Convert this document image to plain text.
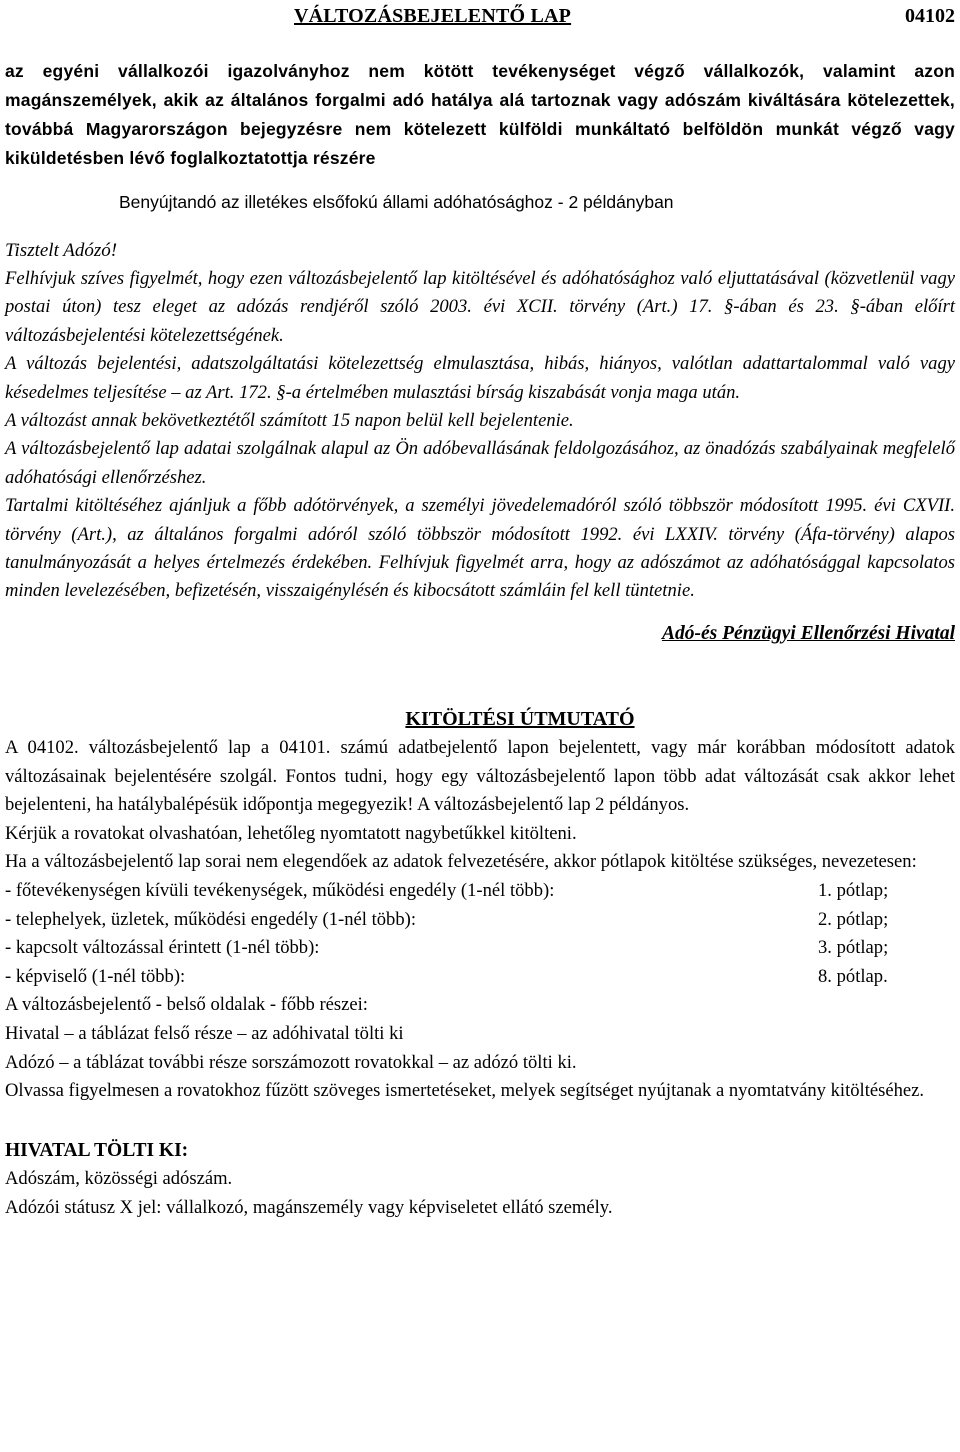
VÁLTOZÁSBEJELENTŐ LAP	04102
az egyéni vállalkozói igazolványhoz nem kötött tevékenységet végző vállalkozók, valamint azon magánszemélyek, akik az általános forgalmi adó hatálya alá tartoznak vagy adószám kiváltására kötelezettek, továbbá Magyarországon bejegyzésre nem kötelezett külföldi munkáltató belföldön munkát végző vagy kiküldetésben lévő foglalkoztatottja részére
Benyújtandó az illetékes elsőfokú állami adóhatósághoz - 2 példányban
Tisztelt Adózó!

Felhívjuk szíves figyelmét, hogy ezen változásbejelentő lap kitöltésével és adóhatósághoz való eljuttatásával (közvetlenül vagy postai úton) tesz eleget az adózás rendjéről szóló 2003. évi XCII. törvény (Art.) 17. §-ában és 23. §-ában előírt változásbejelentési kötelezettségének.

A változás bejelentési, adatszolgáltatási kötelezettség elmulasztása, hibás, hiányos, valótlan adattartalommal való vagy késedelmes teljesítése – az Art. 172. §-a értelmében mulasztási bírság kiszabását vonja maga után.

A változást annak bekövetkeztétől számított 15 napon belül kell bejelentenie.

A változásbejelentő lap adatai szolgálnak alapul az Ön adóbevallásának feldolgozásához, az önadózás szabályainak megfelelő adóhatósági ellenőrzéshez.

Tartalmi kitöltéséhez ajánljuk a főbb adótörvények, a személyi jövedelemadóról szóló többször módosított 1995. évi CXVII. törvény (Art.), az általános forgalmi adóról szóló többször módosított 1992. évi LXXIV. törvény (Áfa-törvény) alapos tanulmányozását a helyes értelmezés érdekében. Felhívjuk figyelmét arra, hogy az adószámot az adóhatósággal kapcsolatos minden levelezésében, befizetésén, visszaigénylésén és kibocsátott számláin fel kell tüntetnie.

Adó-és Pénzügyi Ellenőrzési Hivatal
KITÖLTÉSI ÚTMUTATÓ

A 04102. változásbejelentő lap a 04101. számú adatbejelentő lapon bejelentett, vagy már korábban módosított adatok változásainak bejelentésére szolgál. Fontos tudni, hogy egy változásbejelentő lapon több adat változását csak akkor lehet bejelenteni, ha hatálybalépésük időpontja megegyezik! A változásbejelentő lap 2 példányos.

Kérjük a rovatokat olvashatóan, lehetőleg nyomtatott nagybetűkkel kitölteni.

Ha a változásbejelentő lap sorai nem elegendőek az adatok felvezetésére, akkor pótlapok kitöltése szükséges, nevezetesen:

- főtevékenységen kívüli tevékenységek, működési engedély (1-nél több):	1. pótlap;
- telephelyek, üzletek, működési engedély (1-nél több):	2. pótlap;
- kapcsolt változással érintett (1-nél több):	3. pótlap;
- képviselő (1-nél több):	8. pótlap.

A változásbejelentő - belső oldalak - főbb részei:

Hivatal – a táblázat felső része – az adóhivatal tölti ki

Adózó – a táblázat további része sorszámozott rovatokkal – az adózó tölti ki.

Olvassa figyelmesen a rovatokhoz fűzött szöveges ismertetéseket, melyek segítséget nyújtanak a nyomtatvány kitöltéséhez.

HIVATAL TÖLTI KI:

Adószám, közösségi adószám.

Adózói státusz X jel: vállalkozó, magánszemély vagy képviseletet ellátó személy.
